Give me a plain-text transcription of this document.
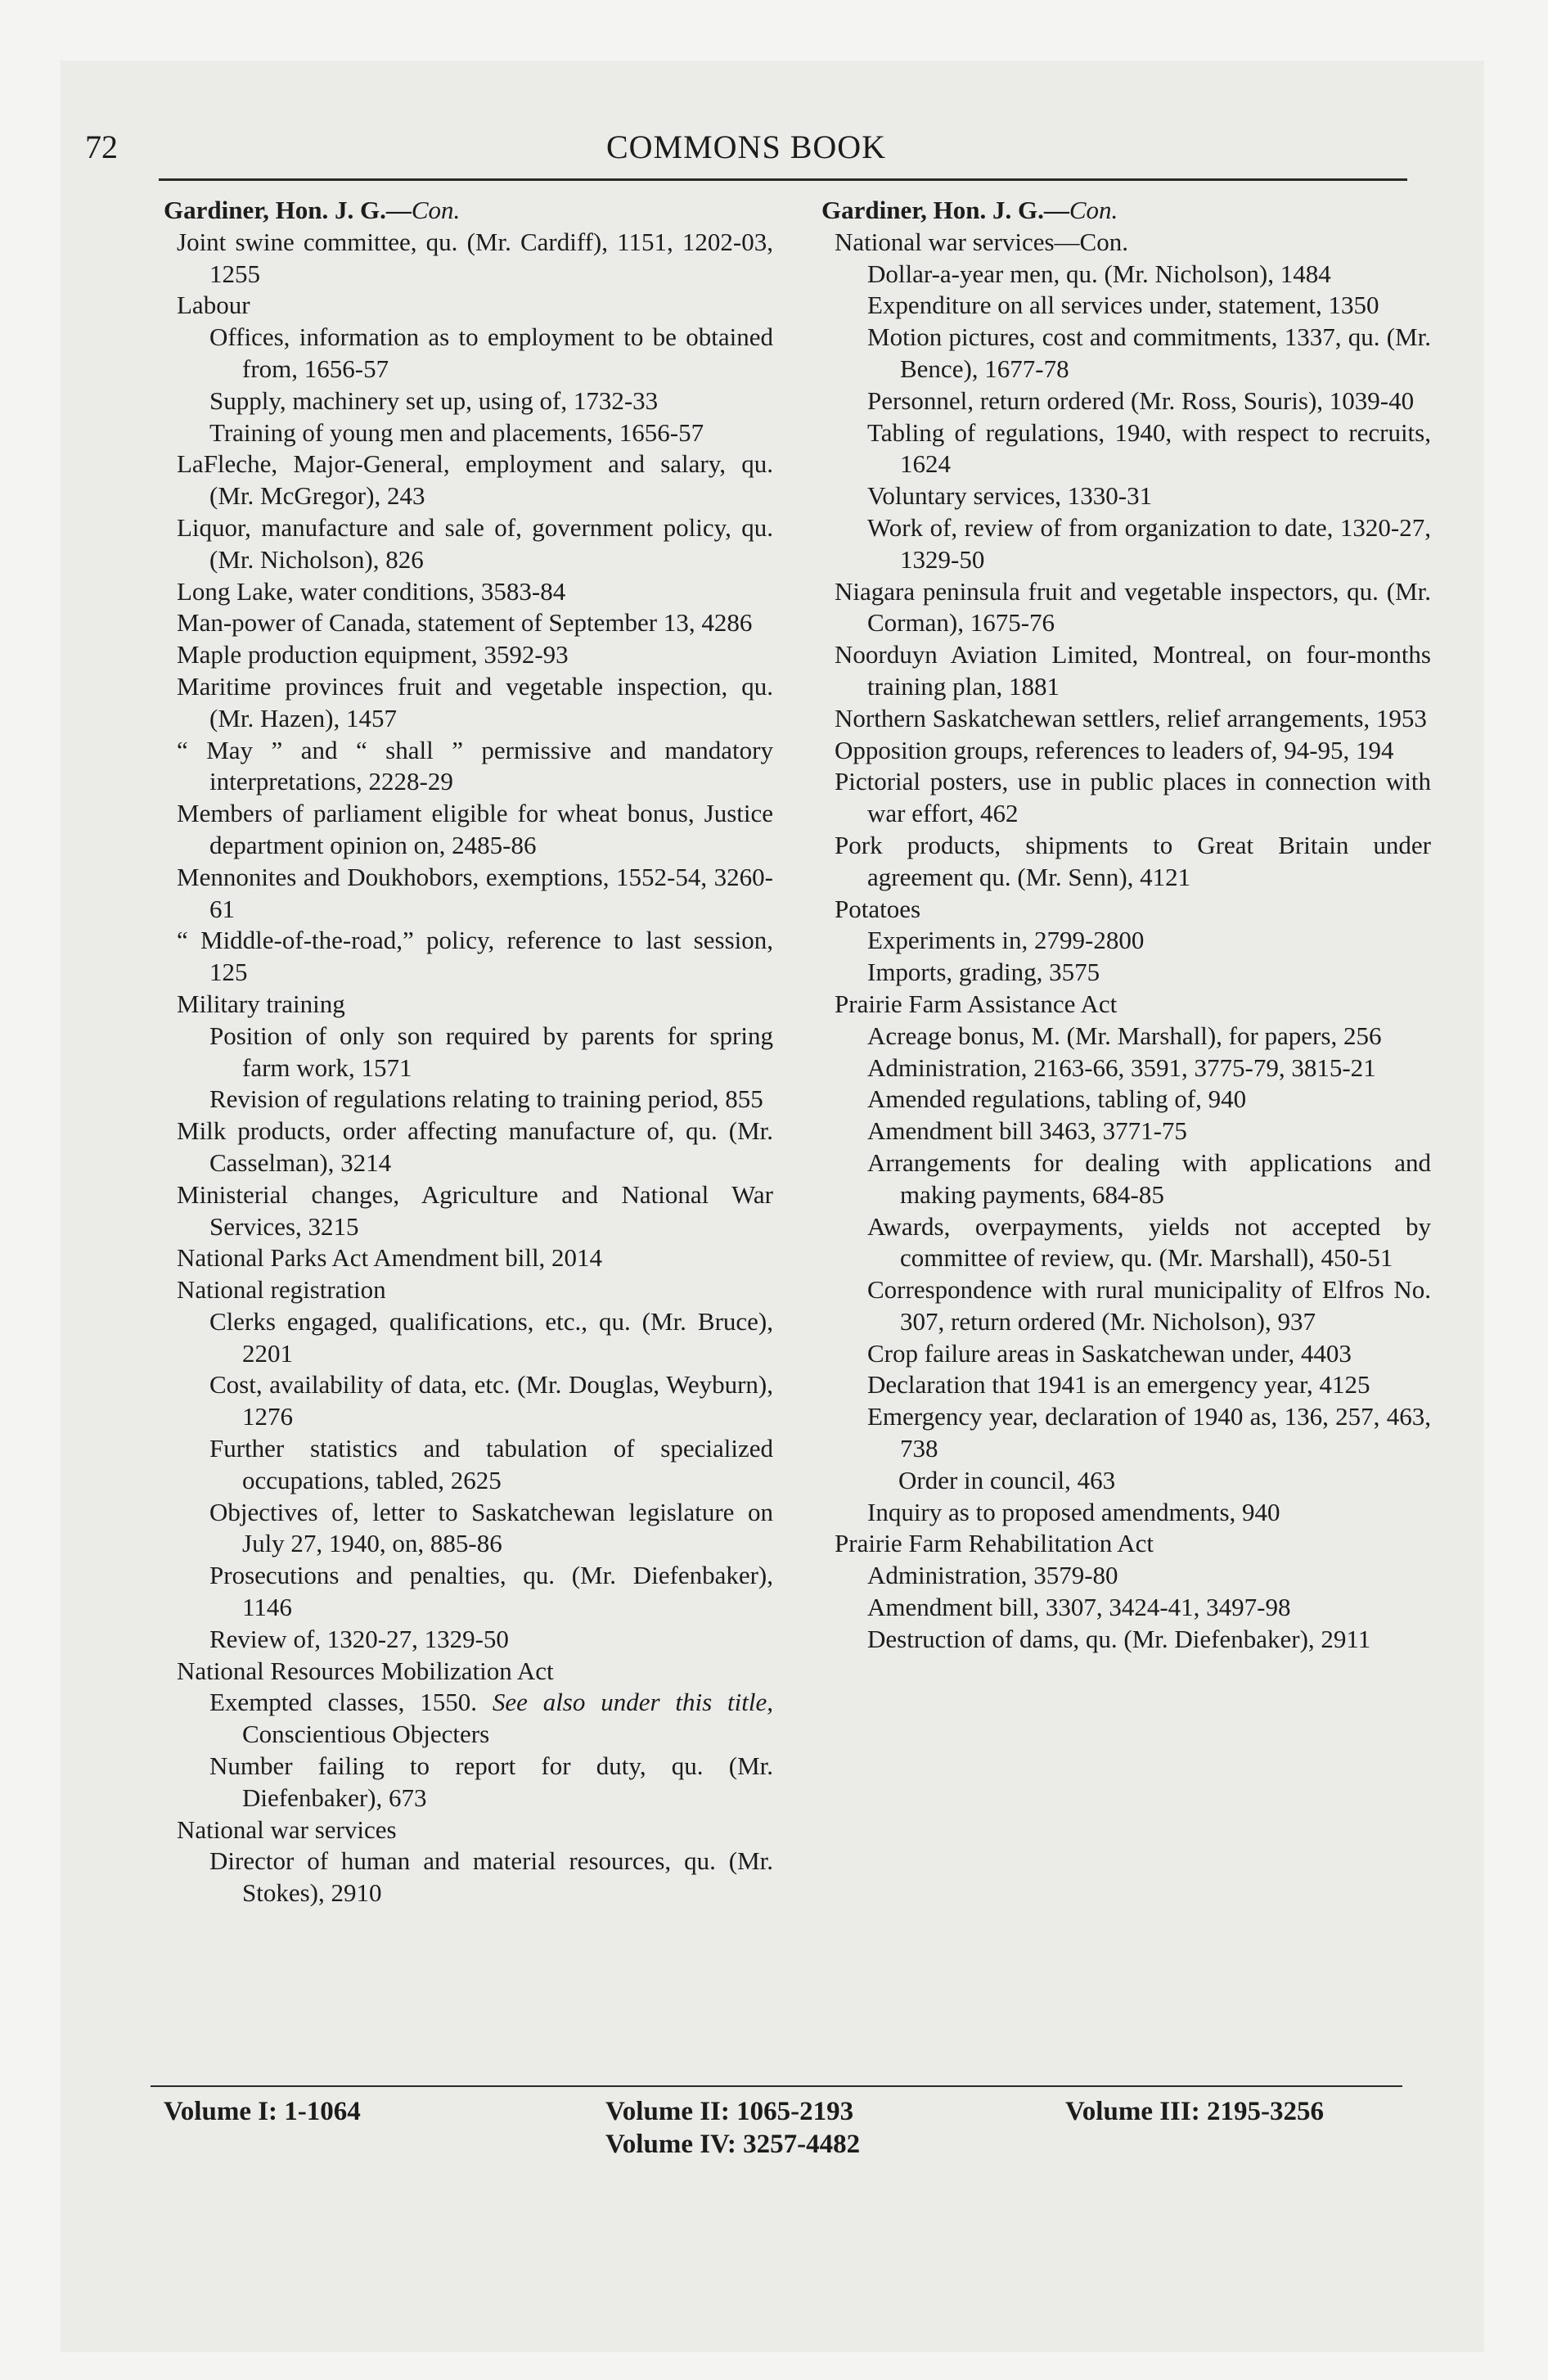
72	COMMONS BOOK
Gardiner, Hon. J. G.—Con.
Joint swine committee, qu. (Mr. Cardiff), 1151, 1202-03, 1255
Labour
Offices, information as to employment to be obtained from, 1656-57
Supply, machinery set up, using of, 1732-33
Training of young men and placements, 1656-57
LaFleche, Major-General, employment and salary, qu. (Mr. McGregor), 243
Liquor, manufacture and sale of, government policy, qu. (Mr. Nicholson), 826
Long Lake, water conditions, 3583-84
Man-power of Canada, statement of September 13, 4286
Maple production equipment, 3592-93
Maritime provinces fruit and vegetable inspection, qu. (Mr. Hazen), 1457
“ May ” and “ shall ” permissive and mandatory interpretations, 2228-29
Members of parliament eligible for wheat bonus, Justice department opinion on, 2485-86
Mennonites and Doukhobors, exemptions, 1552-54, 3260-61
“ Middle-of-the-road,” policy, reference to last session, 125
Military training
Position of only son required by parents for spring farm work, 1571
Revision of regulations relating to training period, 855
Milk products, order affecting manufacture of, qu. (Mr. Casselman), 3214
Ministerial changes, Agriculture and National War Services, 3215
National Parks Act Amendment bill, 2014
National registration
Clerks engaged, qualifications, etc., qu. (Mr. Bruce), 2201
Cost, availability of data, etc. (Mr. Douglas, Weyburn), 1276
Further statistics and tabulation of specialized occupations, tabled, 2625
Objectives of, letter to Saskatchewan legislature on July 27, 1940, on, 885-86
Prosecutions and penalties, qu. (Mr. Diefenbaker), 1146
Review of, 1320-27, 1329-50
National Resources Mobilization Act
Exempted classes, 1550. See also under this title, Conscientious Objecters
Number failing to report for duty, qu. (Mr. Diefenbaker), 673
National war services
Director of human and material resources, qu. (Mr. Stokes), 2910
Gardiner, Hon. J. G.—Con.
National war services—Con.
Dollar-a-year men, qu. (Mr. Nicholson), 1484
Expenditure on all services under, statement, 1350
Motion pictures, cost and commitments, 1337, qu. (Mr. Bence), 1677-78
Personnel, return ordered (Mr. Ross, Souris), 1039-40
Tabling of regulations, 1940, with respect to recruits, 1624
Voluntary services, 1330-31
Work of, review of from organization to date, 1320-27, 1329-50
Niagara peninsula fruit and vegetable inspectors, qu. (Mr. Corman), 1675-76
Noorduyn Aviation Limited, Montreal, on four-months training plan, 1881
Northern Saskatchewan settlers, relief arrangements, 1953
Opposition groups, references to leaders of, 94-95, 194
Pictorial posters, use in public places in connection with war effort, 462
Pork products, shipments to Great Britain under agreement qu. (Mr. Senn), 4121
Potatoes
Experiments in, 2799-2800
Imports, grading, 3575
Prairie Farm Assistance Act
Acreage bonus, M. (Mr. Marshall), for papers, 256
Administration, 2163-66, 3591, 3775-79, 3815-21
Amended regulations, tabling of, 940
Amendment bill 3463, 3771-75
Arrangements for dealing with applications and making payments, 684-85
Awards, overpayments, yields not accepted by committee of review, qu. (Mr. Marshall), 450-51
Correspondence with rural municipality of Elfros No. 307, return ordered (Mr. Nicholson), 937
Crop failure areas in Saskatchewan under, 4403
Declaration that 1941 is an emergency year, 4125
Emergency year, declaration of 1940 as, 136, 257, 463, 738
Order in council, 463
Inquiry as to proposed amendments, 940
Prairie Farm Rehabilitation Act
Administration, 3579-80
Amendment bill, 3307, 3424-41, 3497-98
Destruction of dams, qu. (Mr. Diefenbaker), 2911
Volume I: 1-1064	Volume II: 1065-2193
Volume IV: 3257-4482
Volume III: 2195-3256
